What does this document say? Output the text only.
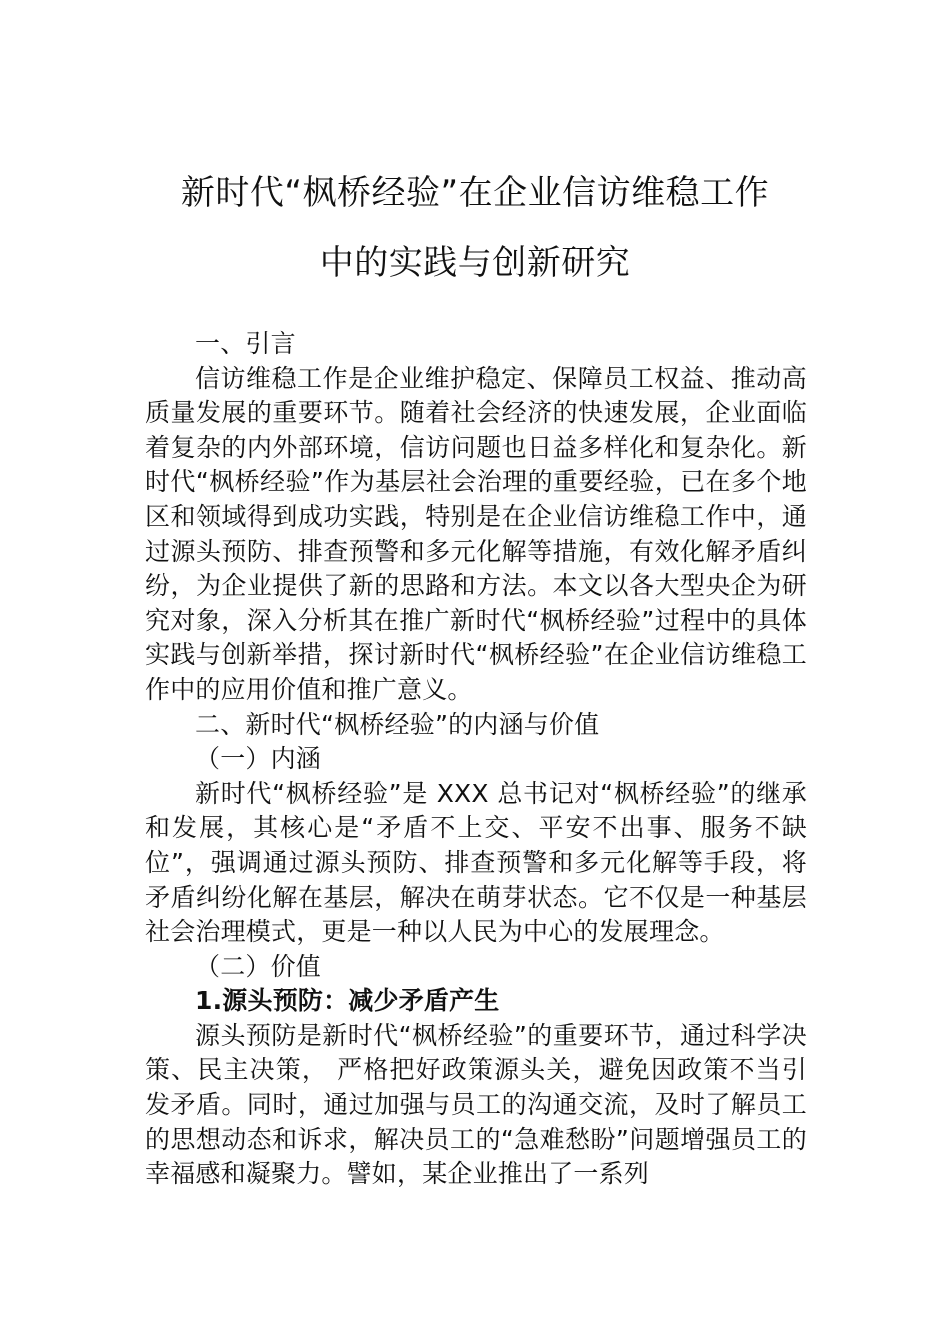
新时代“枫桥经验”在企业信访维稳工作
中的实践与创新研究

一、引言

信访维稳工作是企业维护稳定、保障员工权益、推动高质量发展的重要环节。随着社会经济的快速发展，企业面临着复杂的内外部环境，信访问题也日益多样化和复杂化。新时代“枫桥经验”作为基层社会治理的重要经验，已在多个地区和领域得到成功实践，特别是在企业信访维稳工作中，通过源头预防、排查预警和多元化解等措施，有效化解矛盾纠纷，为企业提供了新的思路和方法。本文以各大型央企为研究对象，深入分析其在推广新时代“枫桥经验”过程中的具体实践与创新举措，探讨新时代“枫桥经验”在企业信访维稳工作中的应用价值和推广意义。

二、新时代“枫桥经验”的内涵与价值

（一）内涵

新时代“枫桥经验”是 XXX 总书记对“枫桥经验”的继承和发展，其核心是“矛盾不上交、平安不出事、服务不缺位”，强调通过源头预防、排查预警和多元化解等手段，将矛盾纠纷化解在基层，解决在萌芽状态。它不仅是一种基层社会治理模式，更是一种以人民为中心的发展理念。

（二）价值

1.源头预防：减少矛盾产生

源头预防是新时代“枫桥经验”的重要环节，通过科学决策、民主决策， 严格把好政策源头关，避免因政策不当引发矛盾。同时，通过加强与员工的沟通交流，及时了解员工的思想动态和诉求，解决员工的“急难愁盼”问题增强员工的幸福感和凝聚力。譬如，某企业推出了一系列
